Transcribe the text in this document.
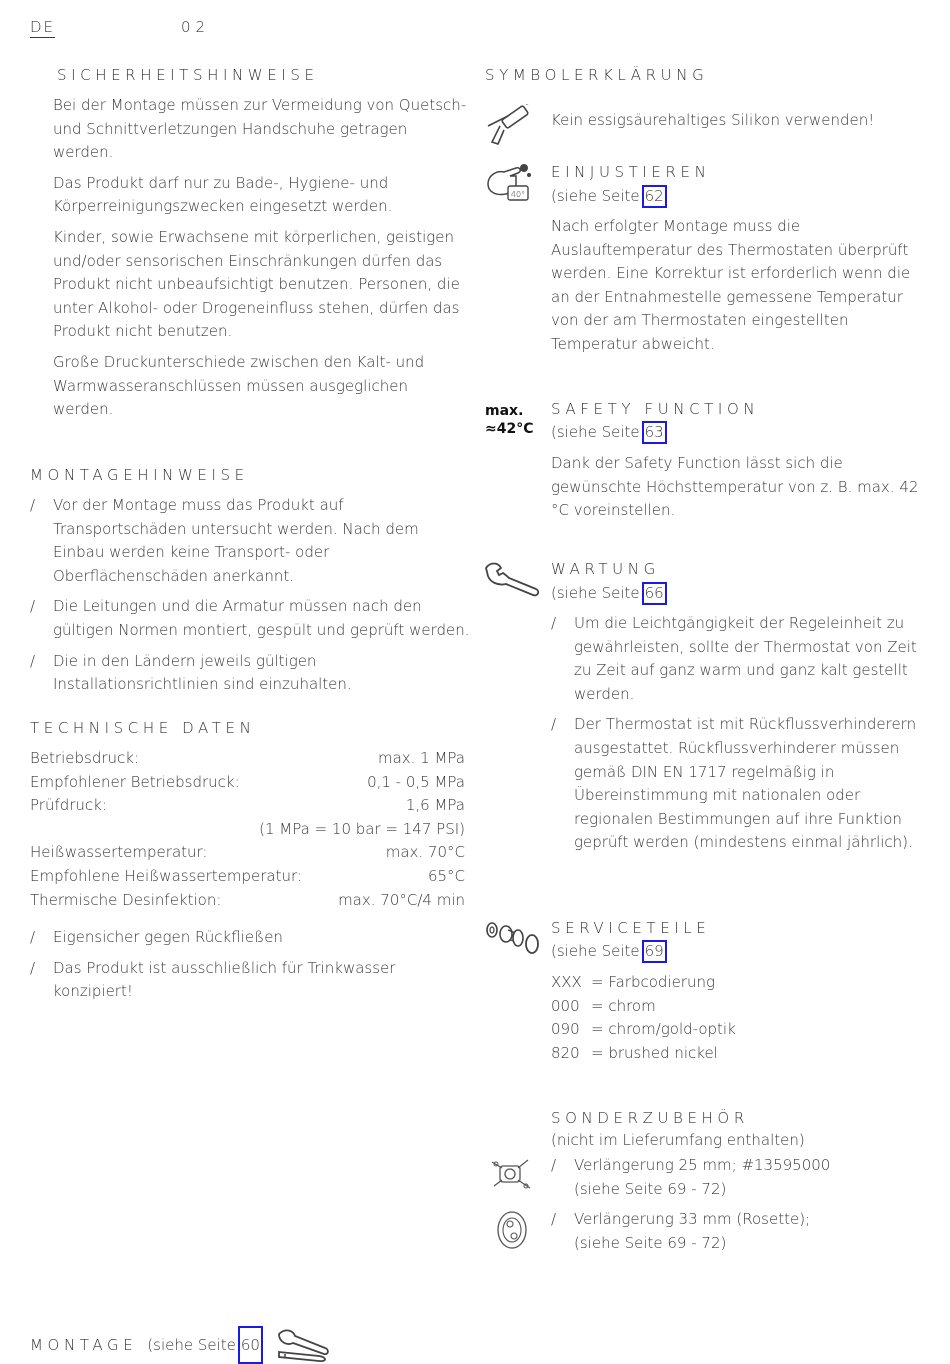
DE	02
SICHERHEITSHINWEISE

Bei der Montage müssen zur Vermeidung von Quetsch- und Schnittverletzungen Handschuhe getragen werden.

Das Produkt darf nur zu Bade-, Hygiene- und Körperreinigungszwecken eingesetzt werden.

Kinder, sowie Erwachsene mit körperlichen, geistigen und/oder sensorischen Einschränkungen dürfen das Produkt nicht unbeaufsichtigt benutzen. Personen, die unter Alkohol- oder Drogeneinfluss stehen, dürfen das Produkt nicht benutzen.

Große Druckunterschiede zwischen den Kalt- und Warmwasseranschlüssen müssen ausgeglichen werden.

MONTAGEHINWEISE
/ Vor der Montage muss das Produkt auf Transportschäden untersucht werden. Nach dem Einbau werden keine Transport- oder Oberflächenschäden anerkannt.
/ Die Leitungen und die Armatur müssen nach den gültigen Normen montiert, gespült und geprüft werden.
/ Die in den Ländern jeweils gültigen Installationsrichtlinien sind einzuhalten.
TECHNISCHE DATEN
Betriebsdruck:	max. 1 MPa
Empfohlener Betriebsdruck:	0,1 - 0,5 MPa
Prüfdruck:	1,6 MPa
(1 MPa = 10 bar = 147 PSI)
Heißwassertemperatur:	max. 70°C
Empfohlene Heißwassertemperatur:	65°C
Thermische Desinfektion:	max. 70°C/4 min
/ Eigensicher gegen Rückfließen
/ Das Produkt ist ausschließlich für Trinkwasser konzipiert!
MONTAGE (siehe Seite 60
SYMBOLERKLÄRUNG
Kein essigsäurehaltiges Silikon verwenden!
40°
EINJUSTIEREN
(siehe Seite 62
Nach erfolgter Montage muss die Auslauftemperatur des Thermostaten überprüft werden. Eine Korrektur ist erforderlich wenn die an der Entnahmestelle gemessene Temperatur von der am Thermostaten eingestellten Temperatur abweicht.
max.
≈42°C
SAFETY FUNCTION
(siehe Seite 63
Dank der Safety Function lässt sich die gewünschte Höchsttemperatur von z. B. max. 42 °C voreinstellen.
WARTUNG
(siehe Seite 66
/ Um die Leichtgängigkeit der Regeleinheit zu gewährleisten, sollte der Thermostat von Zeit zu Zeit auf ganz warm und ganz kalt gestellt werden.
/ Der Thermostat ist mit Rückflussverhinderern ausgestattet. Rückflussverhinderer müssen gemäß DIN EN 1717 regelmäßig in Übereinstimmung mit nationalen oder regionalen Bestimmungen auf ihre Funktion geprüft werden (mindestens einmal jährlich).
SERVICETEILE
(siehe Seite 69
XXX = Farbcodierung
000 = chrom
090 = chrom/gold-optik
820 = brushed nickel
SONDERZUBEHÖR
(nicht im Lieferumfang enthalten)
/ Verlängerung 25 mm; #13595000
(siehe Seite 69 - 72)
/ Verlängerung 33 mm (Rosette);
(siehe Seite 69 - 72)
